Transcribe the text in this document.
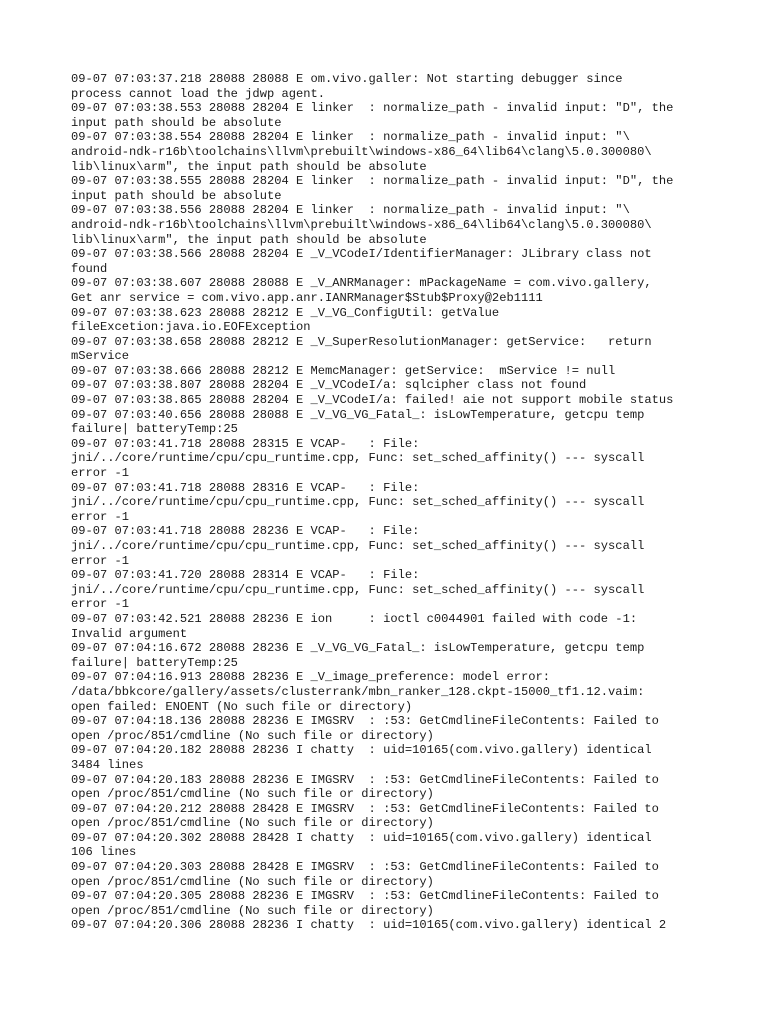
09-07 07:03:37.218 28088 28088 E om.vivo.galler: Not starting debugger since
process cannot load the jdwp agent.
09-07 07:03:38.553 28088 28204 E linker  : normalize_path - invalid input: "D", the
input path should be absolute
09-07 07:03:38.554 28088 28204 E linker  : normalize_path - invalid input: "\
android-ndk-r16b\toolchains\llvm\prebuilt\windows-x86_64\lib64\clang\5.0.300080\
lib\linux\arm", the input path should be absolute
09-07 07:03:38.555 28088 28204 E linker  : normalize_path - invalid input: "D", the
input path should be absolute
09-07 07:03:38.556 28088 28204 E linker  : normalize_path - invalid input: "\
android-ndk-r16b\toolchains\llvm\prebuilt\windows-x86_64\lib64\clang\5.0.300080\
lib\linux\arm", the input path should be absolute
09-07 07:03:38.566 28088 28204 E _V_VCodeI/IdentifierManager: JLibrary class not
found
09-07 07:03:38.607 28088 28088 E _V_ANRManager: mPackageName = com.vivo.gallery,
Get anr service = com.vivo.app.anr.IANRManager$Stub$Proxy@2eb1111
09-07 07:03:38.623 28088 28212 E _V_VG_ConfigUtil: getValue
fileExcetion:java.io.EOFException
09-07 07:03:38.658 28088 28212 E _V_SuperResolutionManager: getService:   return
mService
09-07 07:03:38.666 28088 28212 E MemcManager: getService:  mService != null
09-07 07:03:38.807 28088 28204 E _V_VCodeI/a: sqlcipher class not found
09-07 07:03:38.865 28088 28204 E _V_VCodeI/a: failed! aie not support mobile status
09-07 07:03:40.656 28088 28088 E _V_VG_VG_Fatal_: isLowTemperature, getcpu temp
failure| batteryTemp:25
09-07 07:03:41.718 28088 28315 E VCAP-   : File:
jni/../core/runtime/cpu/cpu_runtime.cpp, Func: set_sched_affinity() --- syscall
error -1
09-07 07:03:41.718 28088 28316 E VCAP-   : File:
jni/../core/runtime/cpu/cpu_runtime.cpp, Func: set_sched_affinity() --- syscall
error -1
09-07 07:03:41.718 28088 28236 E VCAP-   : File:
jni/../core/runtime/cpu/cpu_runtime.cpp, Func: set_sched_affinity() --- syscall
error -1
09-07 07:03:41.720 28088 28314 E VCAP-   : File:
jni/../core/runtime/cpu/cpu_runtime.cpp, Func: set_sched_affinity() --- syscall
error -1
09-07 07:03:42.521 28088 28236 E ion     : ioctl c0044901 failed with code -1:
Invalid argument
09-07 07:04:16.672 28088 28236 E _V_VG_VG_Fatal_: isLowTemperature, getcpu temp
failure| batteryTemp:25
09-07 07:04:16.913 28088 28236 E _V_image_preference: model error:
/data/bbkcore/gallery/assets/clusterrank/mbn_ranker_128.ckpt-15000_tf1.12.vaim:
open failed: ENOENT (No such file or directory)
09-07 07:04:18.136 28088 28236 E IMGSRV  : :53: GetCmdlineFileContents: Failed to
open /proc/851/cmdline (No such file or directory)
09-07 07:04:20.182 28088 28236 I chatty  : uid=10165(com.vivo.gallery) identical
3484 lines
09-07 07:04:20.183 28088 28236 E IMGSRV  : :53: GetCmdlineFileContents: Failed to
open /proc/851/cmdline (No such file or directory)
09-07 07:04:20.212 28088 28428 E IMGSRV  : :53: GetCmdlineFileContents: Failed to
open /proc/851/cmdline (No such file or directory)
09-07 07:04:20.302 28088 28428 I chatty  : uid=10165(com.vivo.gallery) identical
106 lines
09-07 07:04:20.303 28088 28428 E IMGSRV  : :53: GetCmdlineFileContents: Failed to
open /proc/851/cmdline (No such file or directory)
09-07 07:04:20.305 28088 28236 E IMGSRV  : :53: GetCmdlineFileContents: Failed to
open /proc/851/cmdline (No such file or directory)
09-07 07:04:20.306 28088 28236 I chatty  : uid=10165(com.vivo.gallery) identical 2
